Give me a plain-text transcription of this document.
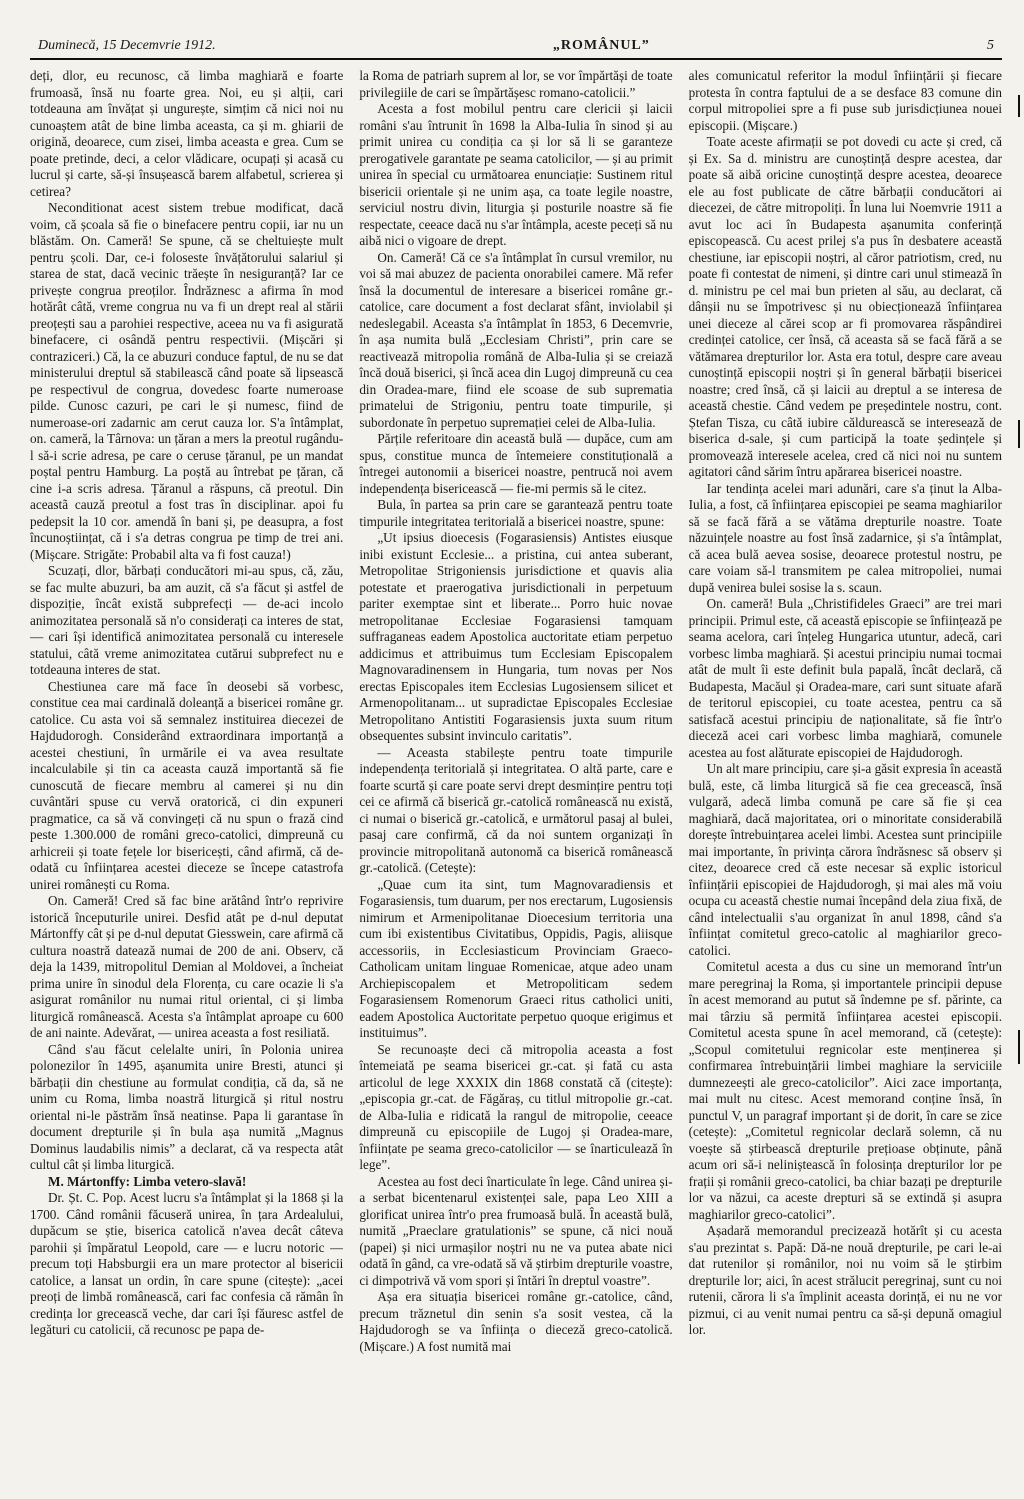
Duminecă, 15 Decemvrie 1912.	„ROMÂNUL”	5

deți, dlor, eu recunosc, că limba maghiară e foarte frumoasă, însă nu foarte grea. Noi, eu și alții, cari totdeauna am învățat și ungurește, simțim că nici noi nu cunoaștem atât de bine limba aceasta, ca și m. ghiarii de origină, deoarece, cum zisei, limba aceasta e grea. Cum se poate pretinde, deci, a celor vlădicare, ocupați și acasă cu lucrul și carte, să-și însușească barem alfabetul, scrierea și cetirea?

Neconditionat acest sistem trebue modificat, dacă voim, că școala să fie o binefacere pentru copii, iar nu un blăstăm. On. Cameră! Se spune, că se cheltuiește mult pentru școli. Dar, ce-i foloseste învățătorului salariul și starea de stat, dacă vecinic trăește în nesiguranță? Iar ce privește congrua preoților. Îndrăznesc a afirma în mod hotărât câtă, vreme congrua nu va fi un drept real al stării preoțești sau a parohiei respective, aceea nu va fi asigurată binefacere, ci osândă pentru respectivii. (Mișcări și contraziceri.) Că, la ce abuzuri conduce faptul, de nu se dat ministerului dreptul să stabilească când poate să lipsească pe respectivul de congrua, dovedesc foarte numeroase pilde. Cunosc cazuri, pe cari le și numesc, fiind de numeroase-ori zadarnic am cerut cauza lor. S'a întâmplat, on. cameră, la Târnova: un țăran a mers la preotul rugându-l să-i scrie adresa, pe care o ceruse țăranul, pe un mandat poștal pentru Hamburg. La poștă au întrebat pe țăran, că cine i-a scris adresa. Țăranul a răspuns, că preotul. Din aceastã cauză preotul a fost tras în disciplinar. apoi fu pedepsit la 10 cor. amendă în bani și, pe deasupra, a fost încunoștiințat, că i s'a detras congrua pe timp de trei ani. (Mișcare. Strigăte: Probabil alta va fi fost cauza!)

Scuzați, dlor, bărbați conducători mi-au spus, că, zău, se fac multe abuzuri, ba am auzit, că s'a făcut și astfel de dispoziție, încât există subprefecți — de-aci incolo animozitatea personală să n'o considerați ca interes de stat, — cari își identifică animozitatea personală cu interesele statului, câtă vreme animozitatea cutărui subprefect nu e totdeauna interes de stat.

Chestiunea care mă face în deosebi să vorbesc, constitue cea mai cardinală doleanță a bisericei române gr. catolice. Cu asta voi să semnalez instituirea diecezei de Hajdudorogh. Considerând extraordinara importanță a acestei chestiuni, în urmările ei va avea resultate incalculabile și tin ca aceasta cauză importantă să fie cunoscută de fiecare membru al camerei și nu din cuvântări spuse cu vervă oratorică, ci din expuneri pragmatice, ca să vă convingeți că nu spun o frază cind peste 1.300.000 de români greco-catolici, dimpreună cu arhicreii și toate fețele lor bisericești, când afirmă, că de-odată cu înființarea acestei dieceze se începe catastrofa unirei românești cu Roma.

On. Cameră! Cred să fac bine arătând într'o reprivire istorică începuturile unirei. Desfid atât pe d-nul deputat Mártonffy cât și pe d-nul deputat Giesswein, care afirmă că cultura noastră datează numai de 200 de ani. Observ, că deja la 1439, mitropolitul Demian al Moldovei, a încheiat prima unire în sinodul dela Florența, cu care ocazie li s'a asigurat românilor nu numai ritul oriental, ci și limba liturgică românească. Acesta s'a întâmplat aproape cu 600 de ani nainte. Adevărat, — unirea aceasta a fost resiliată.

Când s'au făcut celelalte uniri, în Polonia unirea polonezilor în 1495, așanumita unire Bresti, atunci și bărbații din chestiune au formulat condiția, că da, să ne unim cu Roma, limba noastră liturgică și ritul nostru oriental ni-le păstrăm însă neatinse. Papa li garantase în document drepturile și în bula așa numită „Magnus Dominus laudabilis nimis” a declarat, că va respecta atât cultul cât și limba liturgică.

M. Mártonffy: Limba vetero-slavă!

Dr. Șt. C. Pop. Acest lucru s'a întâmplat și la 1868 și la 1700. Când românii făcuseră unirea, în țara Ardealului, dupăcum se știe, biserica catolică n'avea decât câteva parohii și împăratul Leopold, care — e lucru notoric — precum toți Habsburgii era un mare protector al bisericii catolice, a lansat un ordin, în care spune (citește): „acei preoți de limbă românească, cari fac confesia că rămân în credința lor grecească veche, dar cari își făuresc astfel de legături cu catolicii, că recunosc pe papa de-

la Roma de patriarh suprem al lor, se vor împărtăși de toate privilegiile de cari se împărtășesc romano-catolicii.”

Acesta a fost mobilul pentru care clericii și laicii români s'au întrunit în 1698 la Alba-Iulia în sinod și au primit unirea cu condiția ca și lor să li se garanteze prerogativele garantate pe seama catolicilor, — și au primit unirea în special cu următoarea enunciație: Sustinem ritul bisericii orientale și ne unim așa, ca toate legile noastre, serviciul nostru divin, liturgia și posturile noastre să fie respectate, ceeace dacă nu s'ar întâmpla, aceste peceți să nu aibă nici o vigoare de drept.

On. Cameră! Că ce s'a întâmplat în cursul vremilor, nu voi să mai abuzez de pacienta onorabilei camere. Mă refer însă la documentul de interesare a bisericei române gr.-catolice, care document a fost declarat sfânt, inviolabil și nedeslegabil. Aceasta s'a întâmplat în 1853, 6 Decemvrie, în așa numita bulă „Ecclesiam Christi”, prin care se reactivează mitropolia română de Alba-Iulia și se creiază încă două biserici, și încă acea din Lugoj dimpreună cu cea din Oradea-mare, fiind ele scoase de sub suprematia primatelui de Strigoniu, pentru toate timpurile, și subordonate în perpetuo supremației celei de Alba-Iulia.

Părțile referitoare din această bulă — dupăce, cum am spus, constitue munca de întemeiere constituțională a întregei autonomii a bisericei noastre, pentrucă noi avem independența bisericească — fie-mi permis să le citez.

Bula, în partea sa prin care se garantează pentru toate timpurile integritatea teritorială a bisericei noastre, spune:

„Ut ipsius dioecesis (Fogarasiensis) Antistes eiusque inibi existunt Ecclesie... a pristina, cui antea suberant, Metropolitae Strigoniensis jurisdictione et quavis alia potestate et praerogativa jurisdictionali in perpetuum pariter exemptae sint et liberate... Porro huic novae metropolitanae Ecclesiae Fogarasiensi tamquam suffraganeas eadem Apostolica auctoritate etiam perpetuo addicimus et attribuimus tum Ecclesiam Episcopalem Magnovaradinensem in Hungaria, tum novas per Nos erectas Episcopales item Ecclesias Lugosiensem silicet et Armenopolitanam... ut supradictae Episcopales Ecclesiae Metropolitano Antistiti Fogarasiensis juxta suum ritum obsequentes subsint invinculo caritatis”.

— Aceasta stabilește pentru toate timpurile independența teritorială și integritatea. O altă parte, care e foarte scurtă și care poate servi drept desmințire pentru toți cei ce afirmă că biserică gr.-catolică românească nu există, ci numai o biserică gr.-catolică, e următorul pasaj al bulei, pasaj care confirmă, că da noi suntem organizați în provincie mitropolitană autonomă ca biserică românească gr.-catolică. (Cetește):

„Quae cum ita sint, tum Magnovaradiensis et Fogarasiensis, tum duarum, per nos erectarum, Lugosiensis nimirum et Armenipolitanae Dioecesium territoria una cum ibi existentibus Civitatibus, Oppidis, Pagis, aliisque accessoriis, in Ecclesiasticum Provinciam Graeco-Catholicam unitam linguae Romenicae, atque adeo unam Archiepiscopalem et Metropoliticam sedem Fogarasiensem Romenorum Graeci ritus catholici uniti, eadem Apostolica Auctoritate perpetuo quoque erigimus et instituimus”.

Se recunoaște deci că mitropolia aceasta a fost întemeiată pe seama bisericei gr.-cat. și fată cu asta articolul de lege XXXIX din 1868 constată că (citește): „episcopia gr.-cat. de Făgăraș, cu titlul mitropolie gr.-cat. de Alba-Iulia e ridicată la rangul de mitropolie, ceeace dimpreună cu episcopiile de Lugoj și Oradea-mare, înființate pe seama greco-catolicilor — se înarticulează în lege”.

Acestea au fost deci înarticulate în lege. Când unirea și-a serbat bicentenarul existenței sale, papa Leo XIII a glorificat unirea într'o prea frumoasă bulă. În această bulă, numită „Praeclare gratulationis” se spune, că nici nouă (papei) și nici urmașilor noștri nu ne va putea abate nici odată în gând, ca vre-odată să vă știrbim drepturile voastre, ci dimpotrivă vă vom spori și întări în dreptul voastre”.

Așa era situația bisericei române gr.-catolice, când, precum trăznetul din senin s'a sosit vestea, că la Hajdudorogh se va înființa o dieceză greco-catolică. (Mișcare.) A fost numită mai

ales comunicatul referitor la modul înființării și fiecare protesta în contra faptului de a se desface 83 comune din corpul mitropoliei spre a fi puse sub jurisdicțiunea nouei episcopii. (Mișcare.)

Toate aceste afirmații se pot dovedi cu acte și cred, că și Ex. Sa d. ministru are cunoștință despre acestea, dar poate să aibă oricine cunoștință despre acestea, deoarece ele au fost publicate de către bărbații conducători ai diecezei, de către mitropoliți. În luna lui Noemvrie 1911 a avut loc aci în Budapesta așanumita conferință episcopească. Cu acest prilej s'a pus în desbatere această chestiune, iar episcopii noștri, al căror patriotism, cred, nu poate fi contestat de nimeni, și dintre cari unul stimează în d. ministru pe cel mai bun prieten al său, au declarat, că dânșii nu se împotrivesc și nu obiecționează înființarea unei dieceze al cărei scop ar fi promovarea răspândirei credinței catolice, cer însă, că aceasta să se facă fără a se vătămarea drepturilor lor. Asta era totul, despre care aveau cunoștință episcopii noștri și în general bărbații bisericei noastre; cred însă, că și laicii au dreptul a se interesa de această chestie. Când vedem pe președintele nostru, cont. Ștefan Tisza, cu câtă iubire căldurească se interesează de biserica d-sale, și cum participă la toate ședințele și promovează interesele acelea, cred că nici noi nu suntem agitatori când sărim întru apărarea bisericei noastre.

Iar tendința acelei mari adunări, care s'a ținut la Alba-Iulia, a fost, că înființarea episcopiei pe seama maghiarilor să se facă fără a se vătăma drepturile noastre. Toate năzuințele noastre au fost însă zadarnice, și s'a întâmplat, că acea bulă aevea sosise, deoarece protestul nostru, pe care voiam să-l transmitem pe calea mitropoliei, numai după venirea bulei sosise la s. scaun.

On. cameră! Bula „Christifideles Graeci” are trei mari principii. Primul este, că această episcopie se înființează pe seama acelora, cari înțeleg Hungarica utuntur, adecă, cari vorbesc limba maghiară. Și acestui principiu numai tocmai atât de mult îi este definit bula papală, încât declară, că Budapesta, Macăul și Oradea-mare, cari sunt situate afară de teritorul episcopiei, cu toate acestea, pentru ca să satisfacă acestui principiu de naționalitate, să fie într'o dieceză acei cari vorbesc limba maghiară, comunele acestea au fost alăturate episcopiei de Hajdudorogh.

Un alt mare principiu, care și-a găsit expresia în această bulă, este, că limba liturgică să fie cea grecească, însă vulgară, adecă limba comună pe care să fie și cea maghiară, dacă majoritatea, ori o minoritate considerabilă dorește întrebuințarea acelei limbi. Acestea sunt principiile mai importante, în privința cărora îndrăsnesc să observ și citez, deoarece cred că este necesar să explic istoricul înființării episcopiei de Hajdudorogh, și mai ales mă voiu ocupa cu această chestie numai începând dela ziua fixă, de când intelectualii s'au organizat în anul 1898, când s'a înființat comitetul greco-catolic al maghiarilor greco-catolici.

Comitetul acesta a dus cu sine un memorand într'un mare peregrinaj la Roma, și importantele principii depuse în acest memorand au putut să îndemne pe sf. părinte, ca mai târziu să permită înființarea acestei episcopii. Comitetul acesta spune în acel memorand, că (cetește): „Scopul comitetului regnicolar este menținerea și confirmarea întrebuințării limbei maghiare la serviciile dumnezeești ale greco-catolicilor”. Aici zace importanța, mai mult nu citesc. Acest memorand conține însă, în punctul V, un paragraf important și de dorit, în care se zice (cetește): „Comitetul regnicolar declară solemn, că nu voește să știrbească drepturile prețioase obținute, până acum ori să-i neliniștească în folosința drepturilor lor pe frații și românii greco-catolici, ba chiar bazați pe drepturile lor va năzui, ca aceste drepturi să se extindă și asupra maghiarilor greco-catolici”.

Așadară memorandul precizează hotărît și cu acesta s'au prezintat s. Papă: Dă-ne nouă drepturile, pe cari le-ai dat rutenilor și românilor, noi nu voim să le știrbim drepturile lor; aici, în acest strălucit peregrinaj, sunt cu noi rutenii, cărora li s'a împlinit aceasta dorință, ei nu ne vor pizmui, ci au venit numai pentru ca să-și depună omagiul lor.
